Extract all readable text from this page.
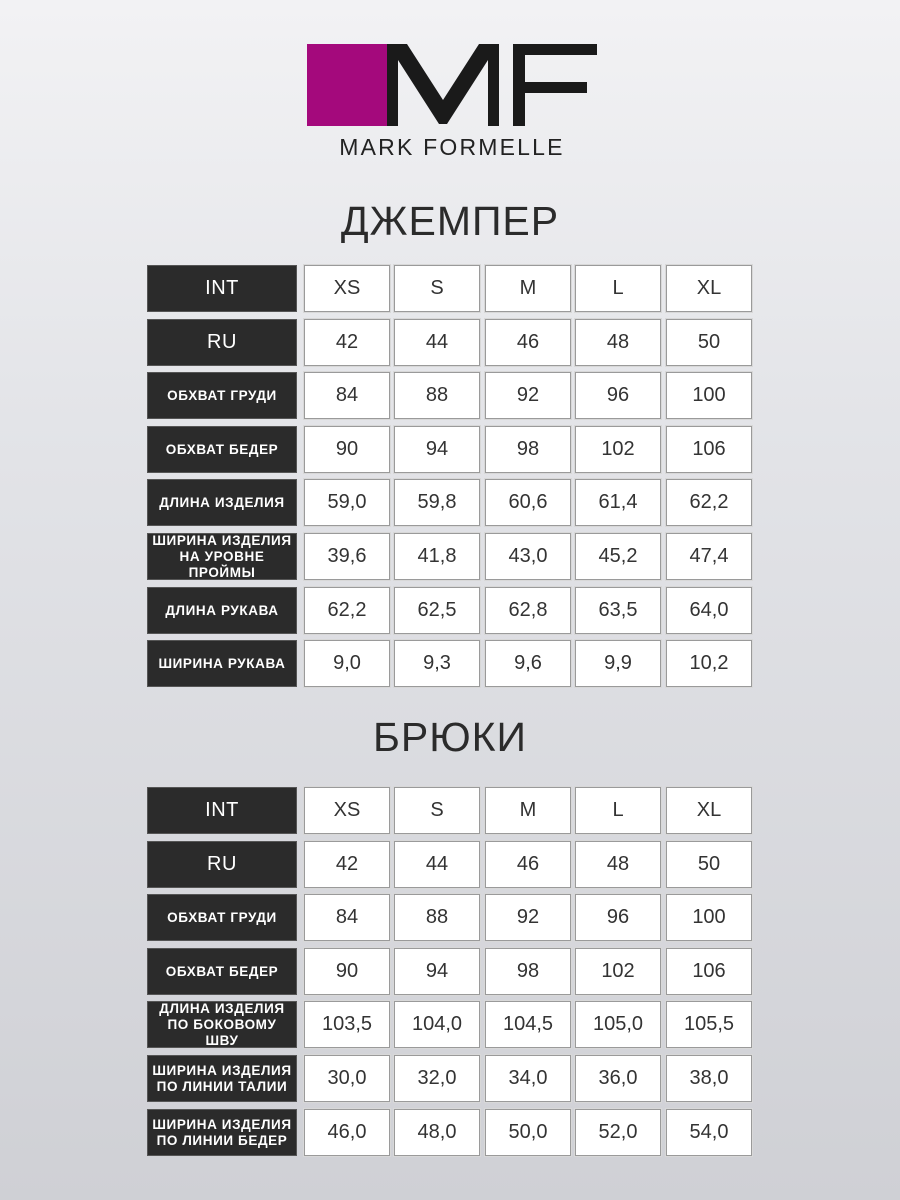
MARK FORMELLE
ДЖЕМПЕР
INT	XS	S	M	L	XL
RU	42	44	46	48	50
ОБХВАТ ГРУДИ	84	88	92	96	100
ОБХВАТ БЕДЕР	90	94	98	102	106
ДЛИНА ИЗДЕЛИЯ	59,0	59,8	60,6	61,4	62,2
ШИРИНА ИЗДЕЛИЯ
НА УРОВНЕ ПРОЙМЫ
39,6	41,8	43,0	45,2	47,4
ДЛИНА РУКАВА	62,2	62,5	62,8	63,5	64,0
ШИРИНА РУКАВА	9,0	9,3	9,6	9,9	10,2
БРЮКИ
INT	XS	S	M	L	XL
RU	42	44	46	48	50
ОБХВАТ ГРУДИ	84	88	92	96	100
ОБХВАТ БЕДЕР	90	94	98	102	106
ДЛИНА ИЗДЕЛИЯ
ПО БОКОВОМУ ШВУ
103,5	104,0	104,5	105,0	105,5
ШИРИНА ИЗДЕЛИЯ
ПО ЛИНИИ ТАЛИИ	30,0	32,0	34,0	36,0	38,0
ШИРИНА ИЗДЕЛИЯ
ПО ЛИНИИ БЕДЕР	46,0	48,0	50,0	52,0	54,0
